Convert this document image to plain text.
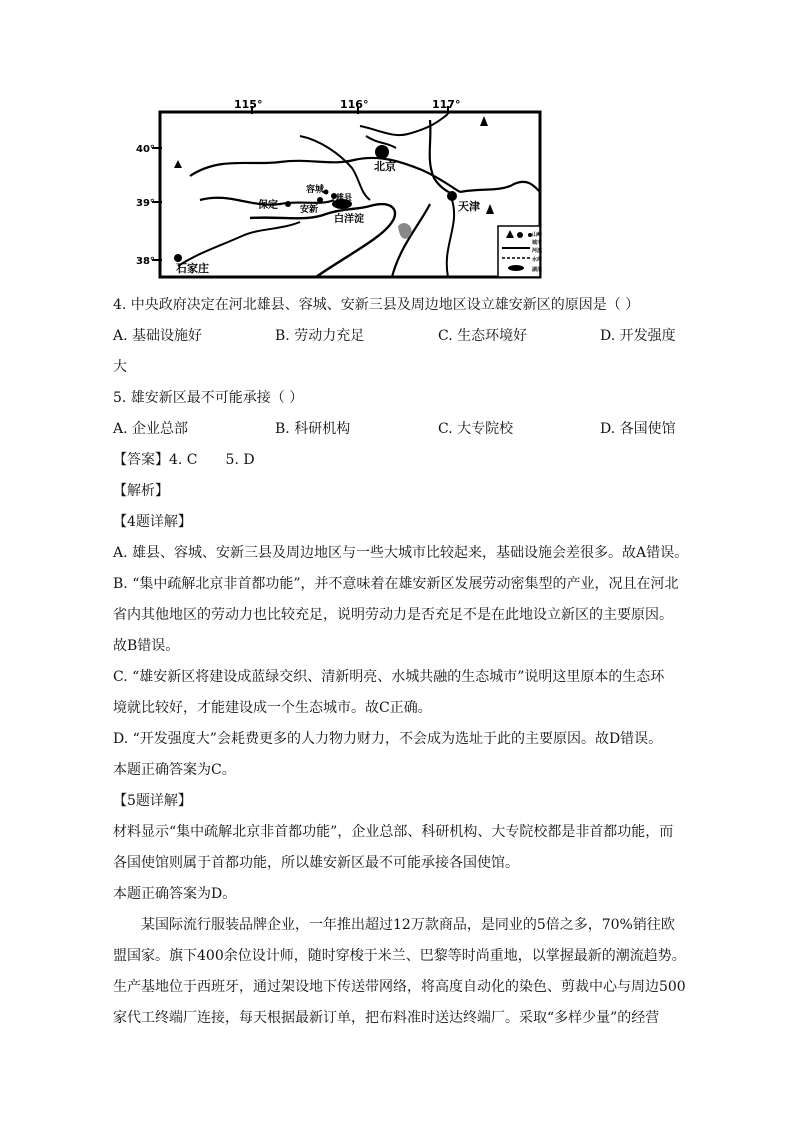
115°	116°	117°
40°
39°
38°
北京
天津
保定
石家庄
容城
雄县
安新
白洋淀
山峰
城市
河流
水库
湖泊
4. 中央政府决定在河北雄县、容城、安新三县及周边地区设立雄安新区的原因是（ ）
A. 基础设施好	B. 劳动力充足	C. 生态环境好	D. 开发强度
大
5. 雄安新区最不可能承接（ ）
A. 企业总部	B. 科研机构	C. 大专院校	D. 各国使馆
【答案】4. C 5. D
【解析】
【4题详解】
A. 雄县、容城、安新三县及周边地区与一些大城市比较起来，基础设施会差很多。故A错误。
B. “集中疏解北京非首都功能”，并不意味着在雄安新区发展劳动密集型的产业，况且在河北
省内其他地区的劳动力也比较充足，说明劳动力是否充足不是在此地设立新区的主要原因。
故B错误。
C. “雄安新区将建设成蓝绿交织、清新明亮、水城共融的生态城市”说明这里原本的生态环
境就比较好，才能建设成一个生态城市。故C正确。
D. “开发强度大”会耗费更多的人力物力财力，不会成为选址于此的主要原因。故D错误。
本题正确答案为C。
【5题详解】
材料显示“集中疏解北京非首都功能”，企业总部、科研机构、大专院校都是非首都功能，而
各国使馆则属于首都功能，所以雄安新区最不可能承接各国使馆。
本题正确答案为D。
某国际流行服装品牌企业，一年推出超过12万款商品，是同业的5倍之多，70%销往欧
盟国家。旗下400余位设计师，随时穿梭于米兰、巴黎等时尚重地，以掌握最新的潮流趋势。
生产基地位于西班牙，通过架设地下传送带网络，将高度自动化的染色、剪裁中心与周边500
家代工终端厂连接，每天根据最新订单，把布料准时送达终端厂。采取“多样少量”的经营
